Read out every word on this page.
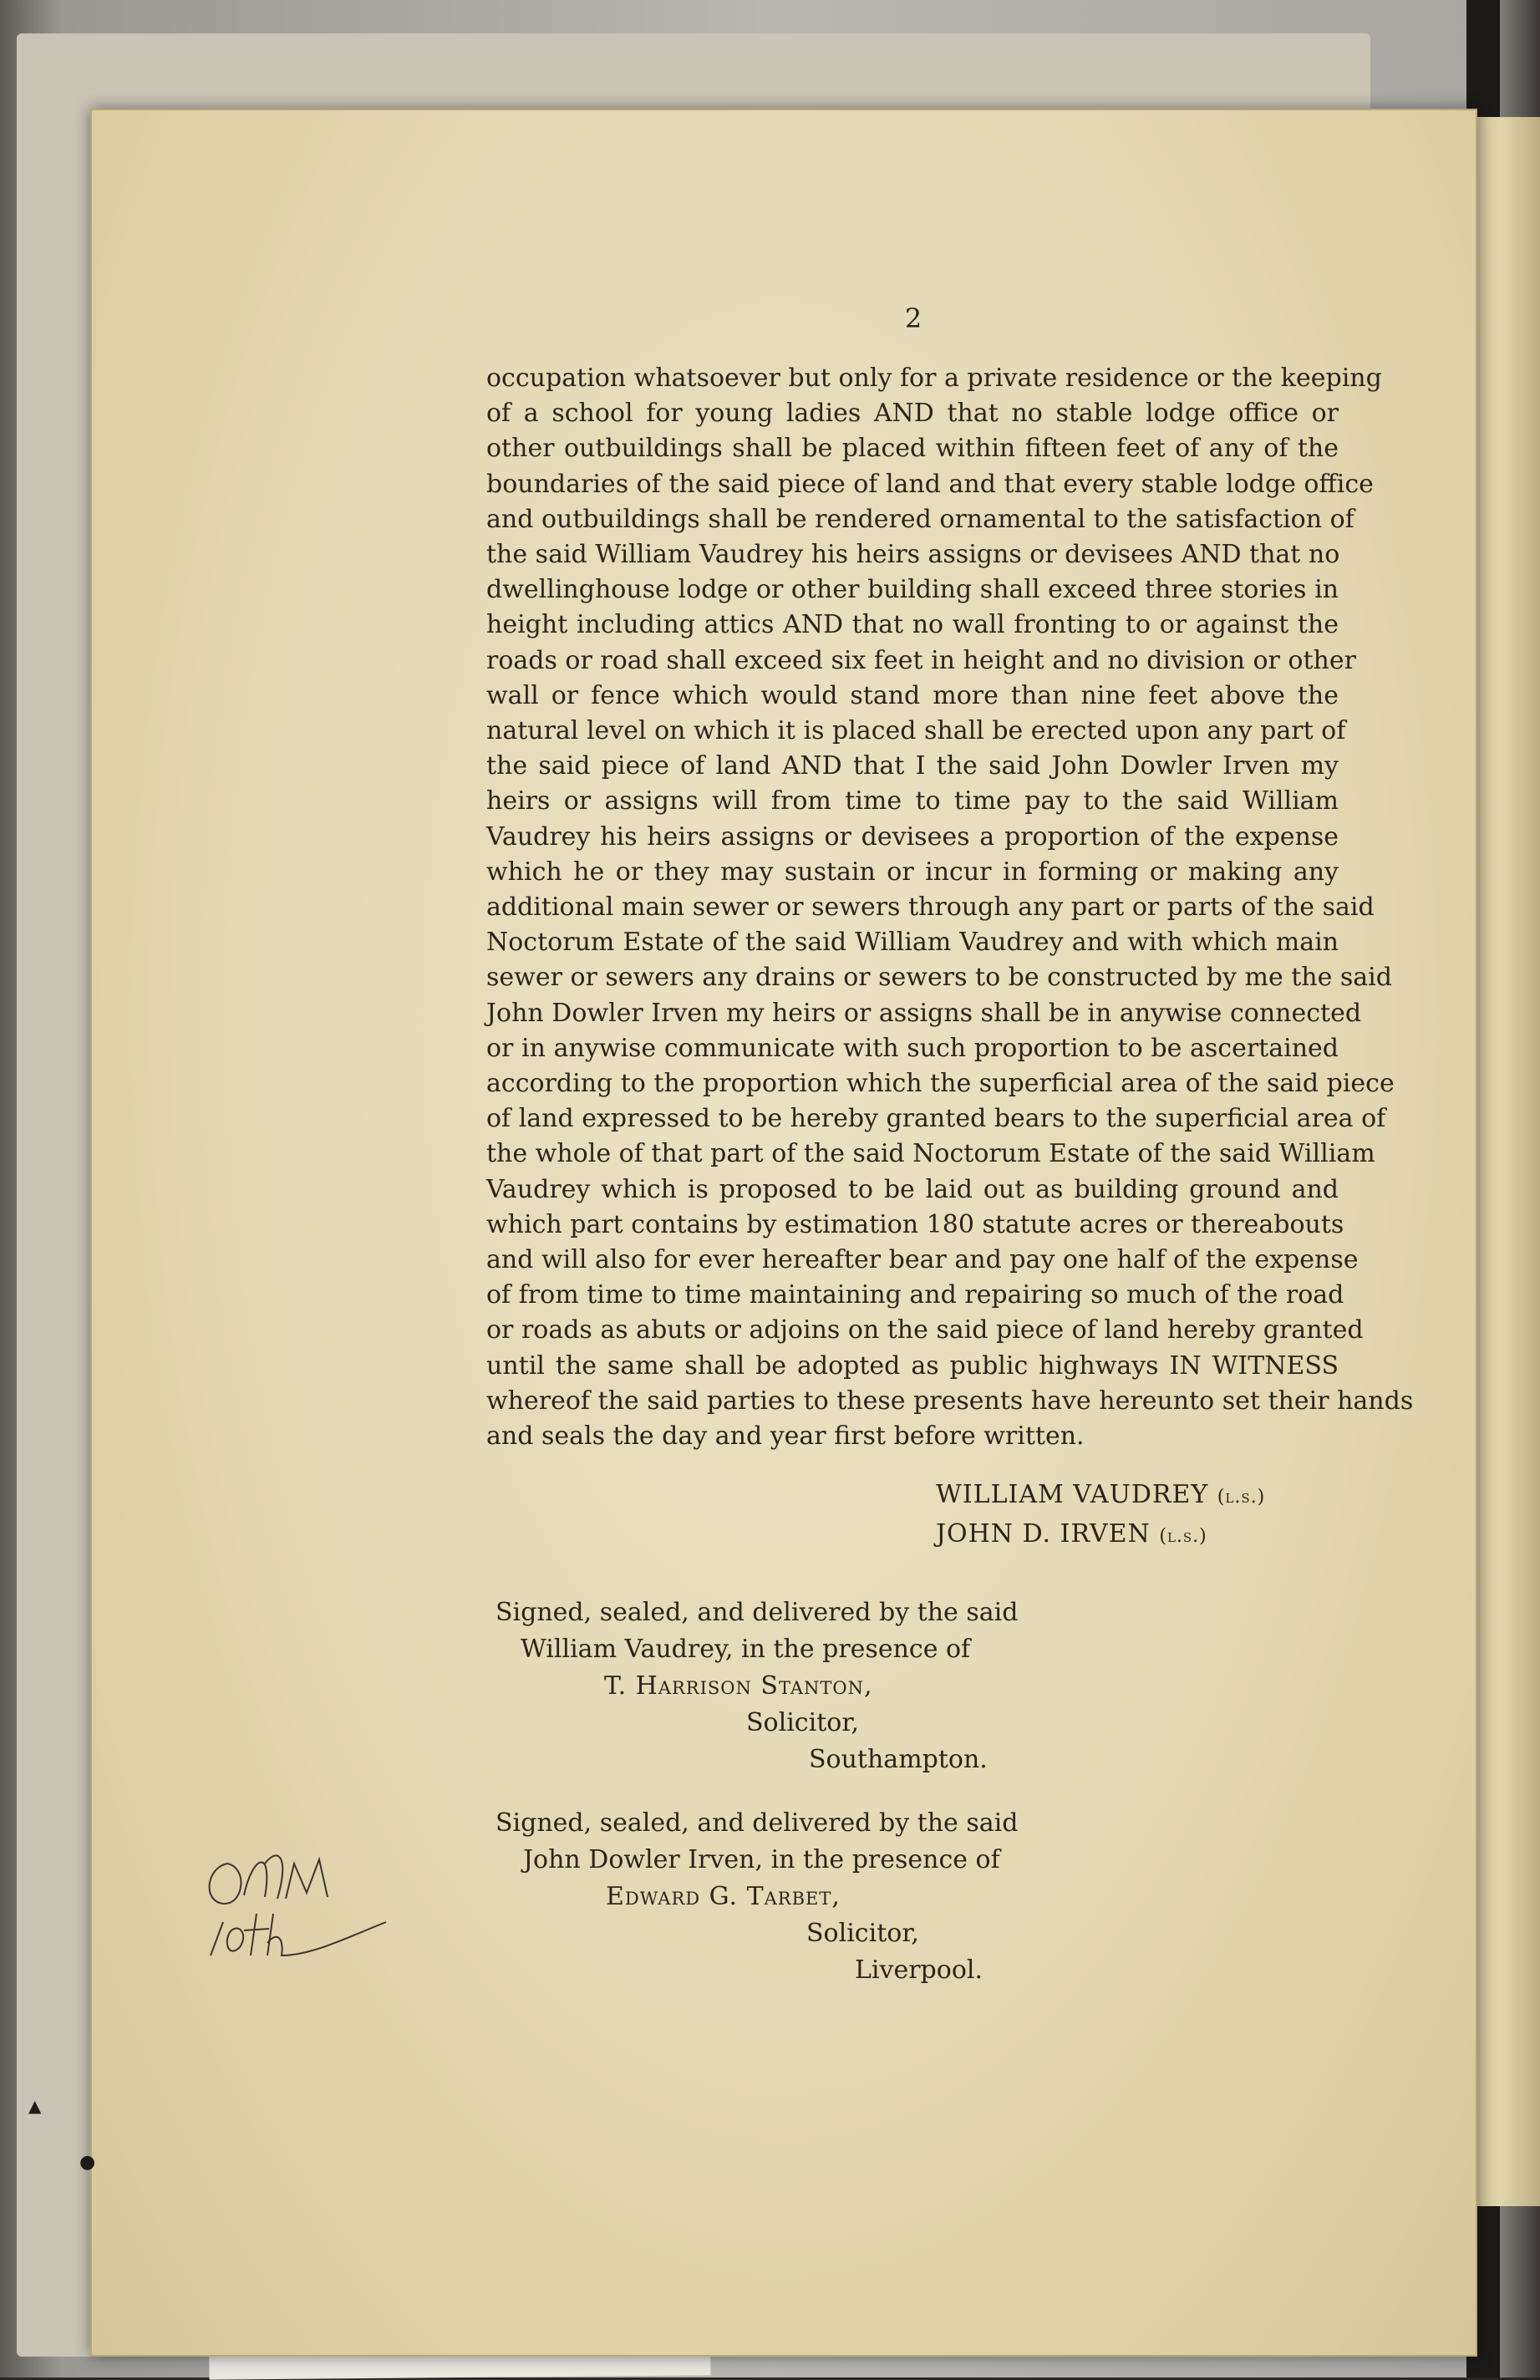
2
occupation whatsoever but only for a private residence or the keeping
of a school for young ladies AND that no stable lodge office or
other outbuildings shall be placed within fifteen feet of any of the
boundaries of the said piece of land and that every stable lodge office
and outbuildings shall be rendered ornamental to the satisfaction of
the said William Vaudrey his heirs assigns or devisees AND that no
dwellinghouse lodge or other building shall exceed three stories in
height including attics AND that no wall fronting to or against the
roads or road shall exceed six feet in height and no division or other
wall or fence which would stand more than nine feet above the
natural level on which it is placed shall be erected upon any part of
the said piece of land AND that I the said John Dowler Irven my
heirs or assigns will from time to time pay to the said William
Vaudrey his heirs assigns or devisees a proportion of the expense
which he or they may sustain or incur in forming or making any
additional main sewer or sewers through any part or parts of the said
Noctorum Estate of the said William Vaudrey and with which main
sewer or sewers any drains or sewers to be constructed by me the said
John Dowler Irven my heirs or assigns shall be in anywise connected
or in anywise communicate with such proportion to be ascertained
according to the proportion which the superficial area of the said piece
of land expressed to be hereby granted bears to the superficial area of
the whole of that part of the said Noctorum Estate of the said William
Vaudrey which is proposed to be laid out as building ground and
which part contains by estimation 180 statute acres or thereabouts
and will also for ever hereafter bear and pay one half of the expense
of from time to time maintaining and repairing so much of the road
or roads as abuts or adjoins on the said piece of land hereby granted
until the same shall be adopted as public highways IN WITNESS
whereof the said parties to these presents have hereunto set their hands
and seals the day and year first before written.
WILLIAM VAUDREY (l.s.)
JOHN D. IRVEN (l.s.)
Signed, sealed, and delivered by the said
William Vaudrey, in the presence of
T. Harrison Stanton,
Solicitor,
Southampton.
Signed, sealed, and delivered by the said
John Dowler Irven, in the presence of
Edward G. Tarbet,
Solicitor,
Liverpool.
▲
●
